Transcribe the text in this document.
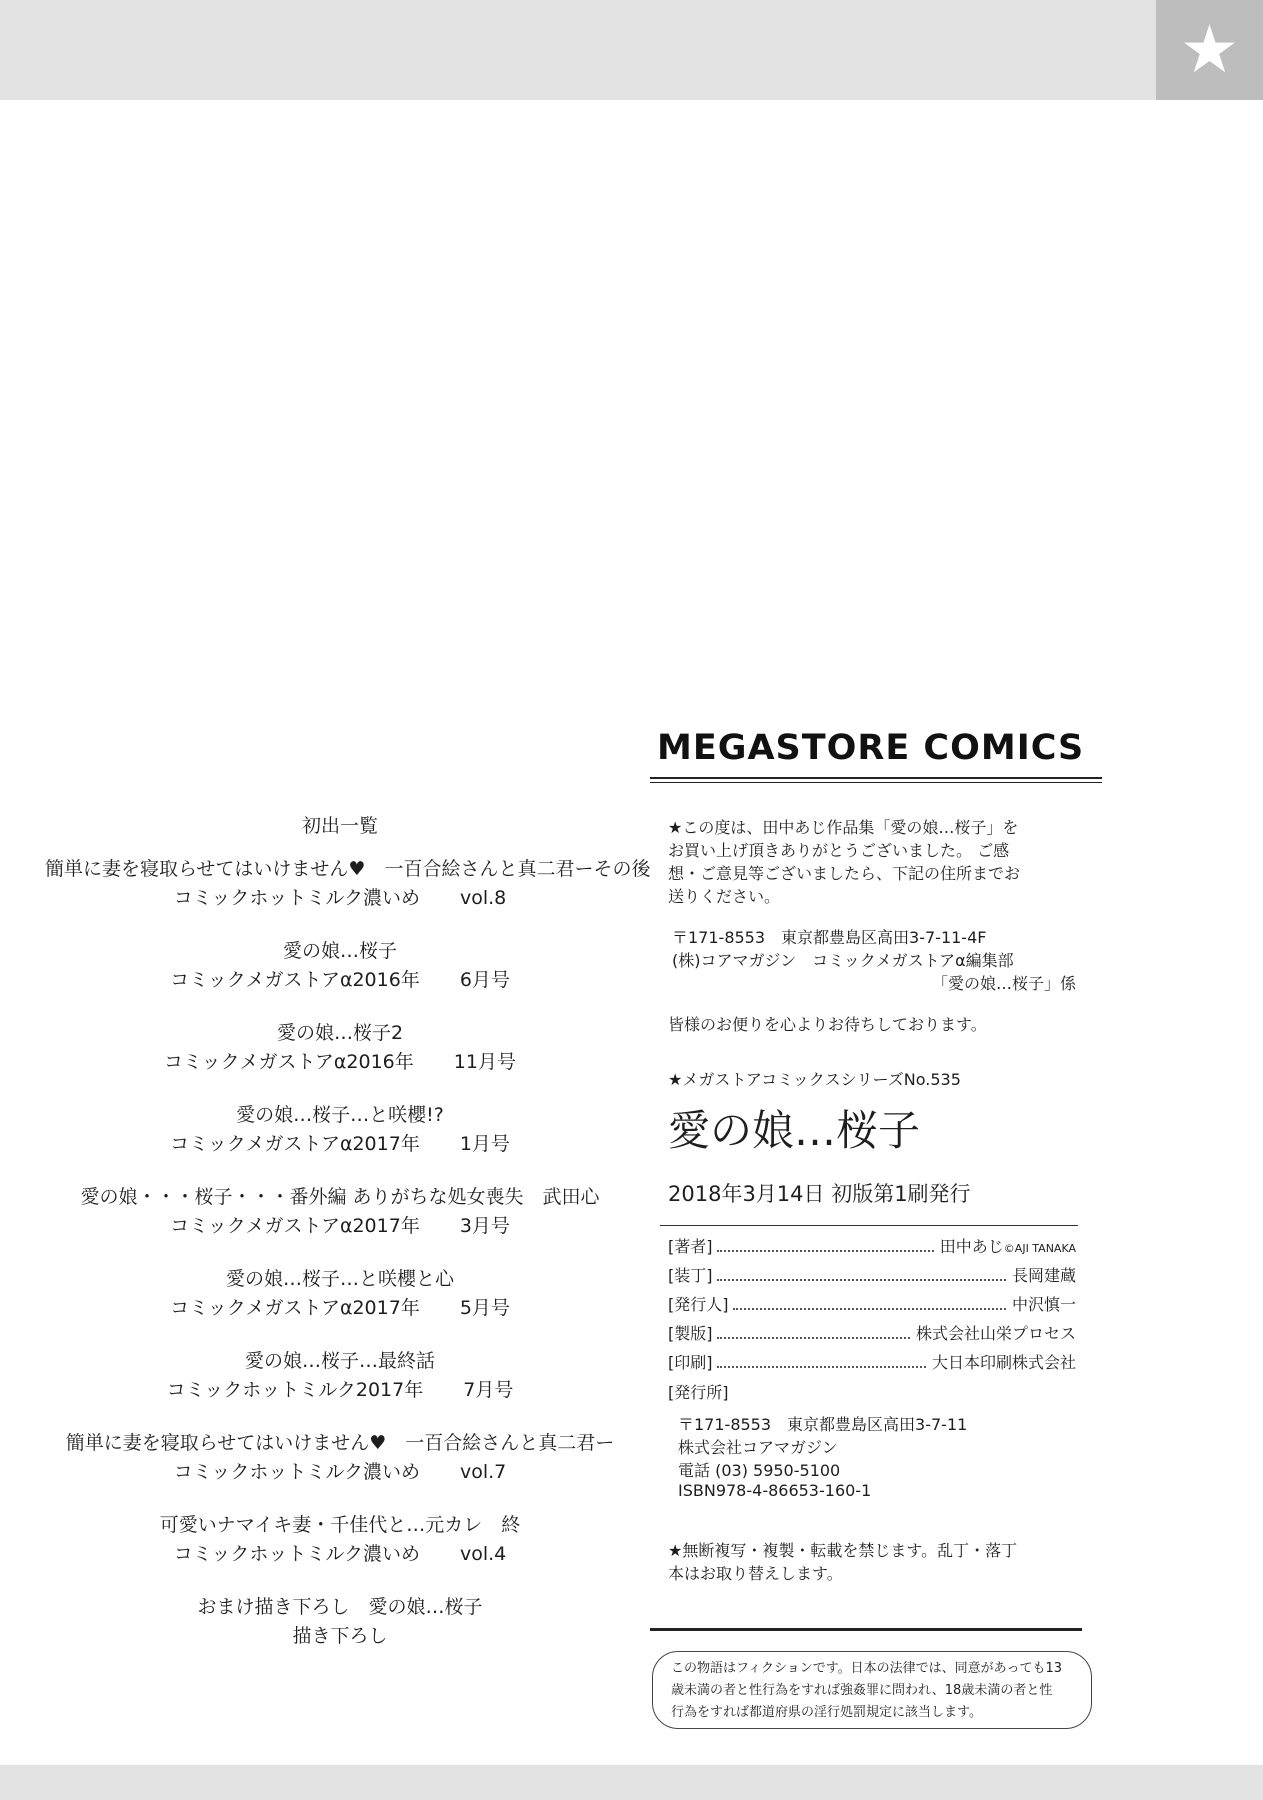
★
初出一覧
簡単に妻を寝取らせてはいけません♥　一百合絵さんと真二君ーその後
コミックホットミルク濃いめ vol.8
愛の娘…桜子
コミックメガストアα2016年 6月号
愛の娘…桜子2
コミックメガストアα2016年 11月号
愛の娘…桜子…と咲櫻!?
コミックメガストアα2017年 1月号
愛の娘・・・桜子・・・番外編 ありがちな処女喪失　武田心
コミックメガストアα2017年 3月号
愛の娘…桜子…と咲櫻と心
コミックメガストアα2017年 5月号
愛の娘…桜子…最終話
コミックホットミルク2017年 7月号
簡単に妻を寝取らせてはいけません♥　一百合絵さんと真二君ー
コミックホットミルク濃いめ vol.7
可愛いナマイキ妻・千佳代と…元カレ　終
コミックホットミルク濃いめ vol.4
おまけ描き下ろし　愛の娘…桜子
描き下ろし
MEGASTORE COMICS
★この度は、田中あじ作品集「愛の娘…桜子」を
お買い上げ頂きありがとうございました。 ご感
想・ご意見等ございましたら、下記の住所までお
送りください。
〒171-8553　東京都豊島区高田3-7-11-4F
(株)コアマガジン　コミックメガストアα編集部
「愛の娘…桜子」係
皆様のお便りを心よりお待ちしております。
★メガストアコミックスシリーズNo.535
愛の娘…桜子
2018年3月14日 初版第1刷発行
[著者]	田中あじ©AJI TANAKA
[装丁]	長岡建蔵
[発行人]	中沢慎一
[製版]	株式会社山栄プロセス
[印刷]	大日本印刷株式会社
[発行所]
〒171-8553　東京都豊島区高田3-7-11
株式会社コアマガジン
電話 (03) 5950-5100
ISBN978-4-86653-160-1
★無断複写・複製・転載を禁じます。乱丁・落丁
本はお取り替えします。
この物語はフィクションです。日本の法律では、同意があっても13
歳未満の者と性行為をすれば強姦罪に問われ、18歳未満の者と性
行為をすれば都道府県の淫行処罰規定に該当します。
